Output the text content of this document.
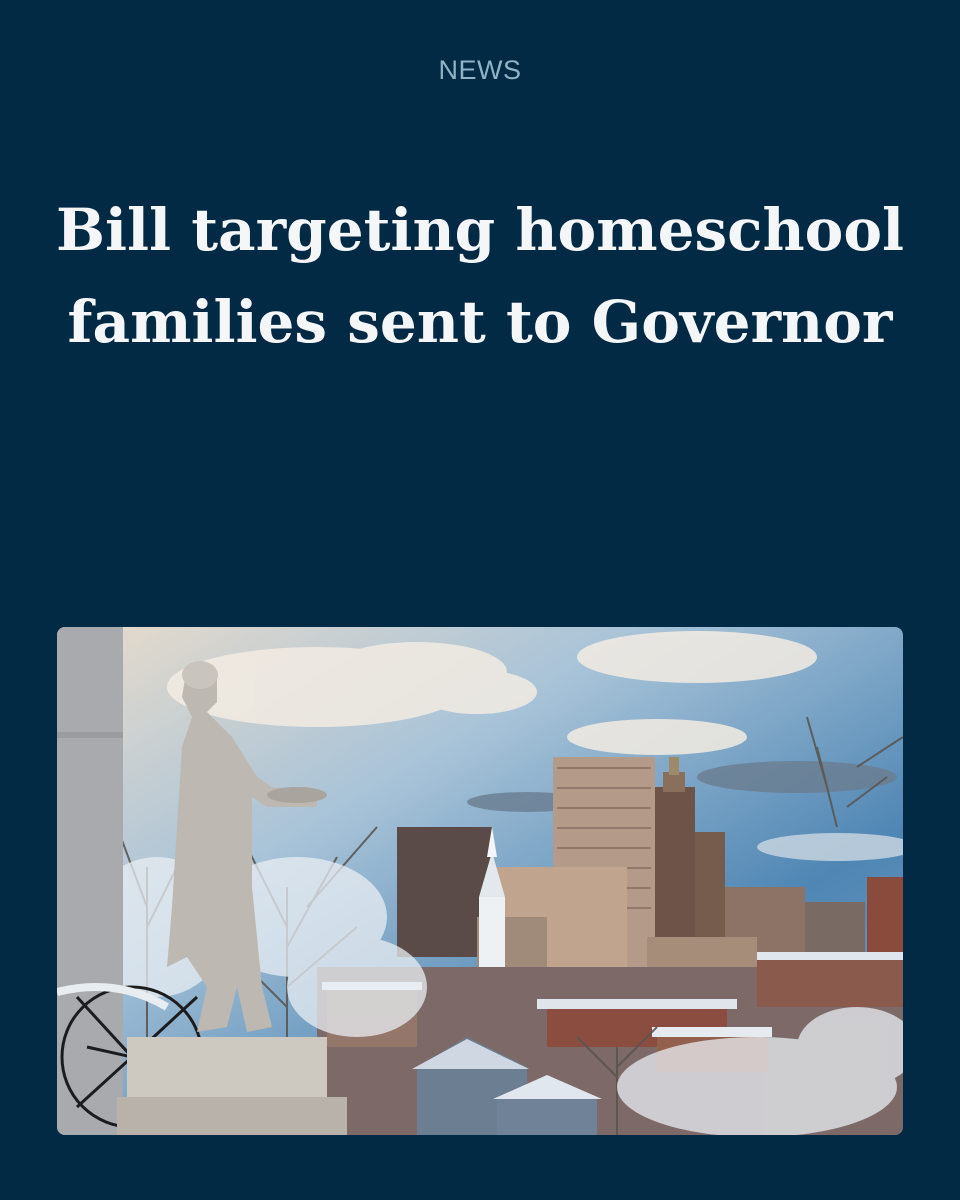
NEWS
Bill targeting homeschool
families sent to Governor
